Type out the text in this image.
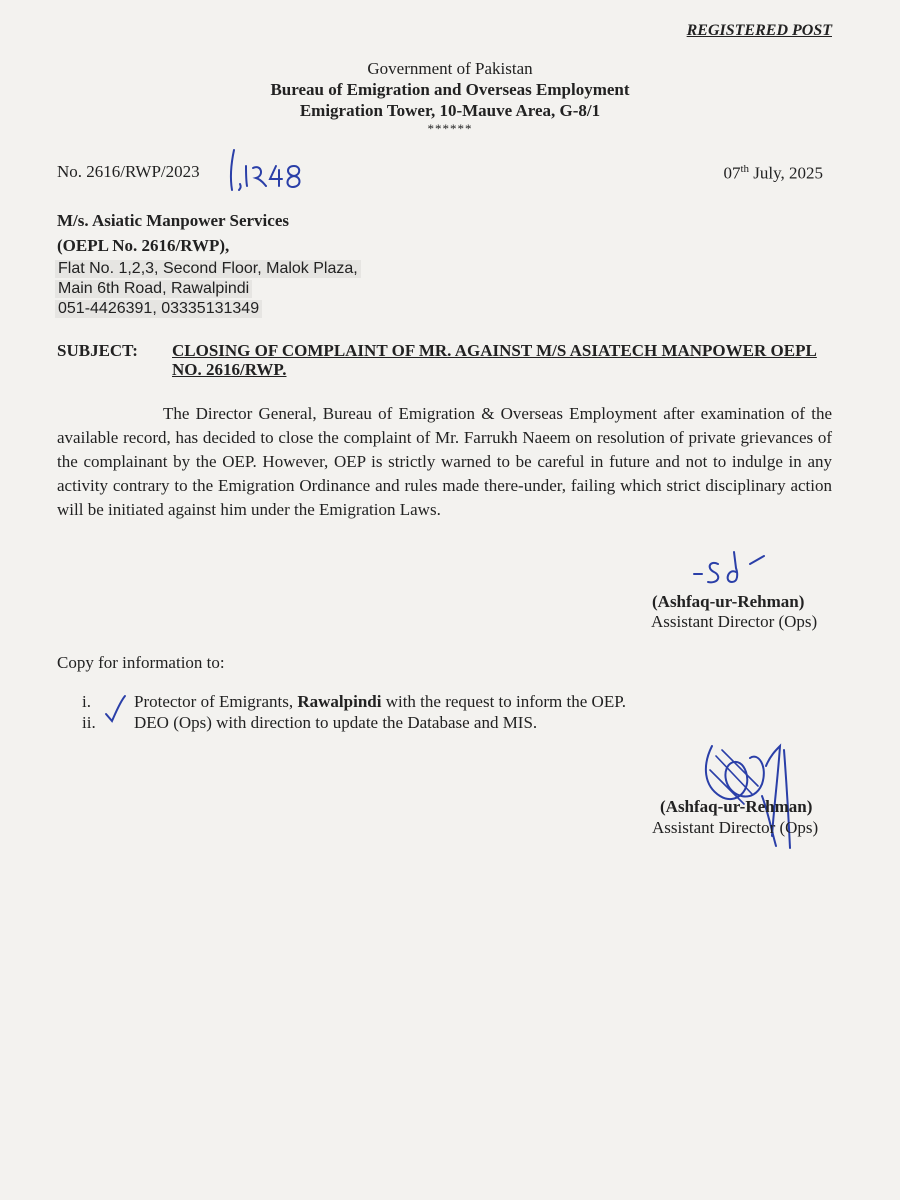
REGISTERED POST
Government of Pakistan
Bureau of Emigration and Overseas Employment
Emigration Tower, 10-Mauve Area, G-8/1
******
No. 2616/RWP/2023	07th July, 2025
M/s. Asiatic Manpower Services
(OEPL No. 2616/RWP),
Flat No. 1,2,3, Second Floor, Malok Plaza,
Main 6th Road, Rawalpindi
051-4426391, 03335131349
SUBJECT: CLOSING OF COMPLAINT OF MR. AGAINST M/S ASIATECH MANPOWER OEPL NO. 2616/RWP.
The Director General, Bureau of Emigration & Overseas Employment after examination of the available record, has decided to close the complaint of Mr. Farrukh Naeem on resolution of private grievances of the complainant by the OEP. However, OEP is strictly warned to be careful in future and not to indulge in any activity contrary to the Emigration Ordinance and rules made there-under, failing which strict disciplinary action will be initiated against him under the Emigration Laws.
(Ashfaq-ur-Rehman)
Assistant Director (Ops)
Copy for information to:
i.	Protector of Emigrants, Rawalpindi with the request to inform the OEP.
ii. DEO (Ops) with direction to update the Database and MIS.
(Ashfaq-ur-Rehman)
Assistant Director (Ops)
